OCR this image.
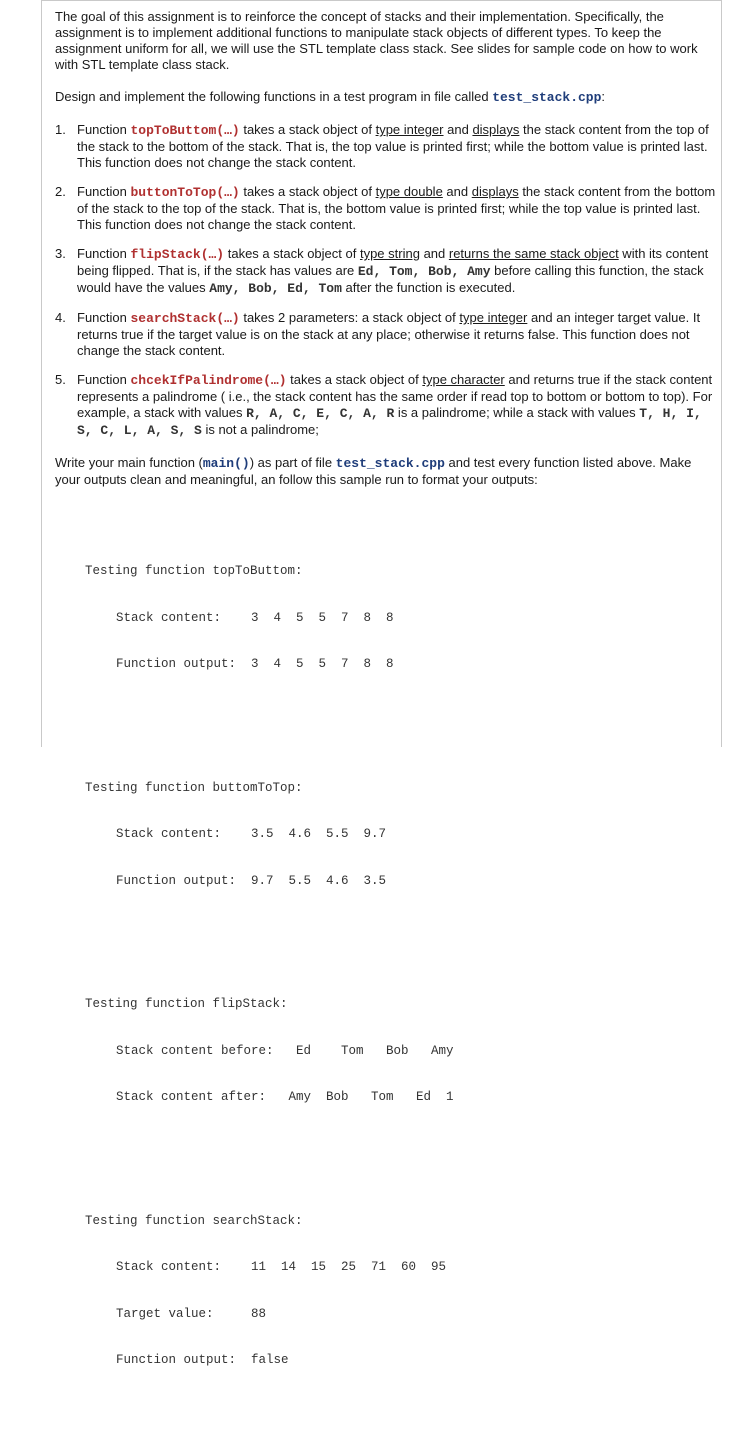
The goal of this assignment is to reinforce the concept of stacks and their implementation. Specifically, the assignment is to implement additional functions to manipulate stack objects of different types. To keep the assignment uniform for all, we will use the STL template class stack. See slides for sample code on how to work with STL template class stack.

Design and implement the following functions in a test program in file called test_stack.cpp:

1. Function topToButtom(…) takes a stack object of type integer and displays the stack content from the top of the stack to the bottom of the stack. That is, the top value is printed first; while the bottom value is printed last. This function does not change the stack content.
2. Function buttonToTop(…) takes a stack object of type double and displays the stack content from the bottom of the stack to the top of the stack. That is, the bottom value is printed first; while the top value is printed last. This function does not change the stack content.
3. Function flipStack(…) takes a stack object of type string and returns the same stack object with its content being flipped. That is, if the stack has values are Ed, Tom, Bob, Amy before calling this function, the stack would have the values Amy, Bob, Ed, Tom after the function is executed.
4. Function searchStack(…) takes 2 parameters: a stack object of type integer and an integer target value. It returns true if the target value is on the stack at any place; otherwise it returns false. This function does not change the stack content.
5. Function chcekIfPalindrome(…) takes a stack object of type character and returns true if the stack content represents a palindrome ( i.e., the stack content has the same order if read top to bottom or bottom to top). For example, a stack with values R, A, C, E, C, A, R is a palindrome; while a stack with values T, H, I, S, C, L, A, S, S is not a palindrome;

Write your main function (main()) as part of file test_stack.cpp and test every function listed above. Make your outputs clean and meaningful, an follow this sample run to format your outputs:

Testing function topToButtom:

Stack content:    3  4  5  5  7  8  8

Function output:  3  4  5  5  7  8  8

Testing function buttomToTop:

Stack content:    3.5  4.6  5.5  9.7

Function output:  9.7  5.5  4.6  3.5

Testing function flipStack:

Stack content before:   Ed    Tom   Bob   Amy

Stack content after:   Amy  Bob   Tom   Ed  1

Testing function searchStack:

Stack content:    11  14  15  25  71  60  95

Target value:     88

Function output:  false
